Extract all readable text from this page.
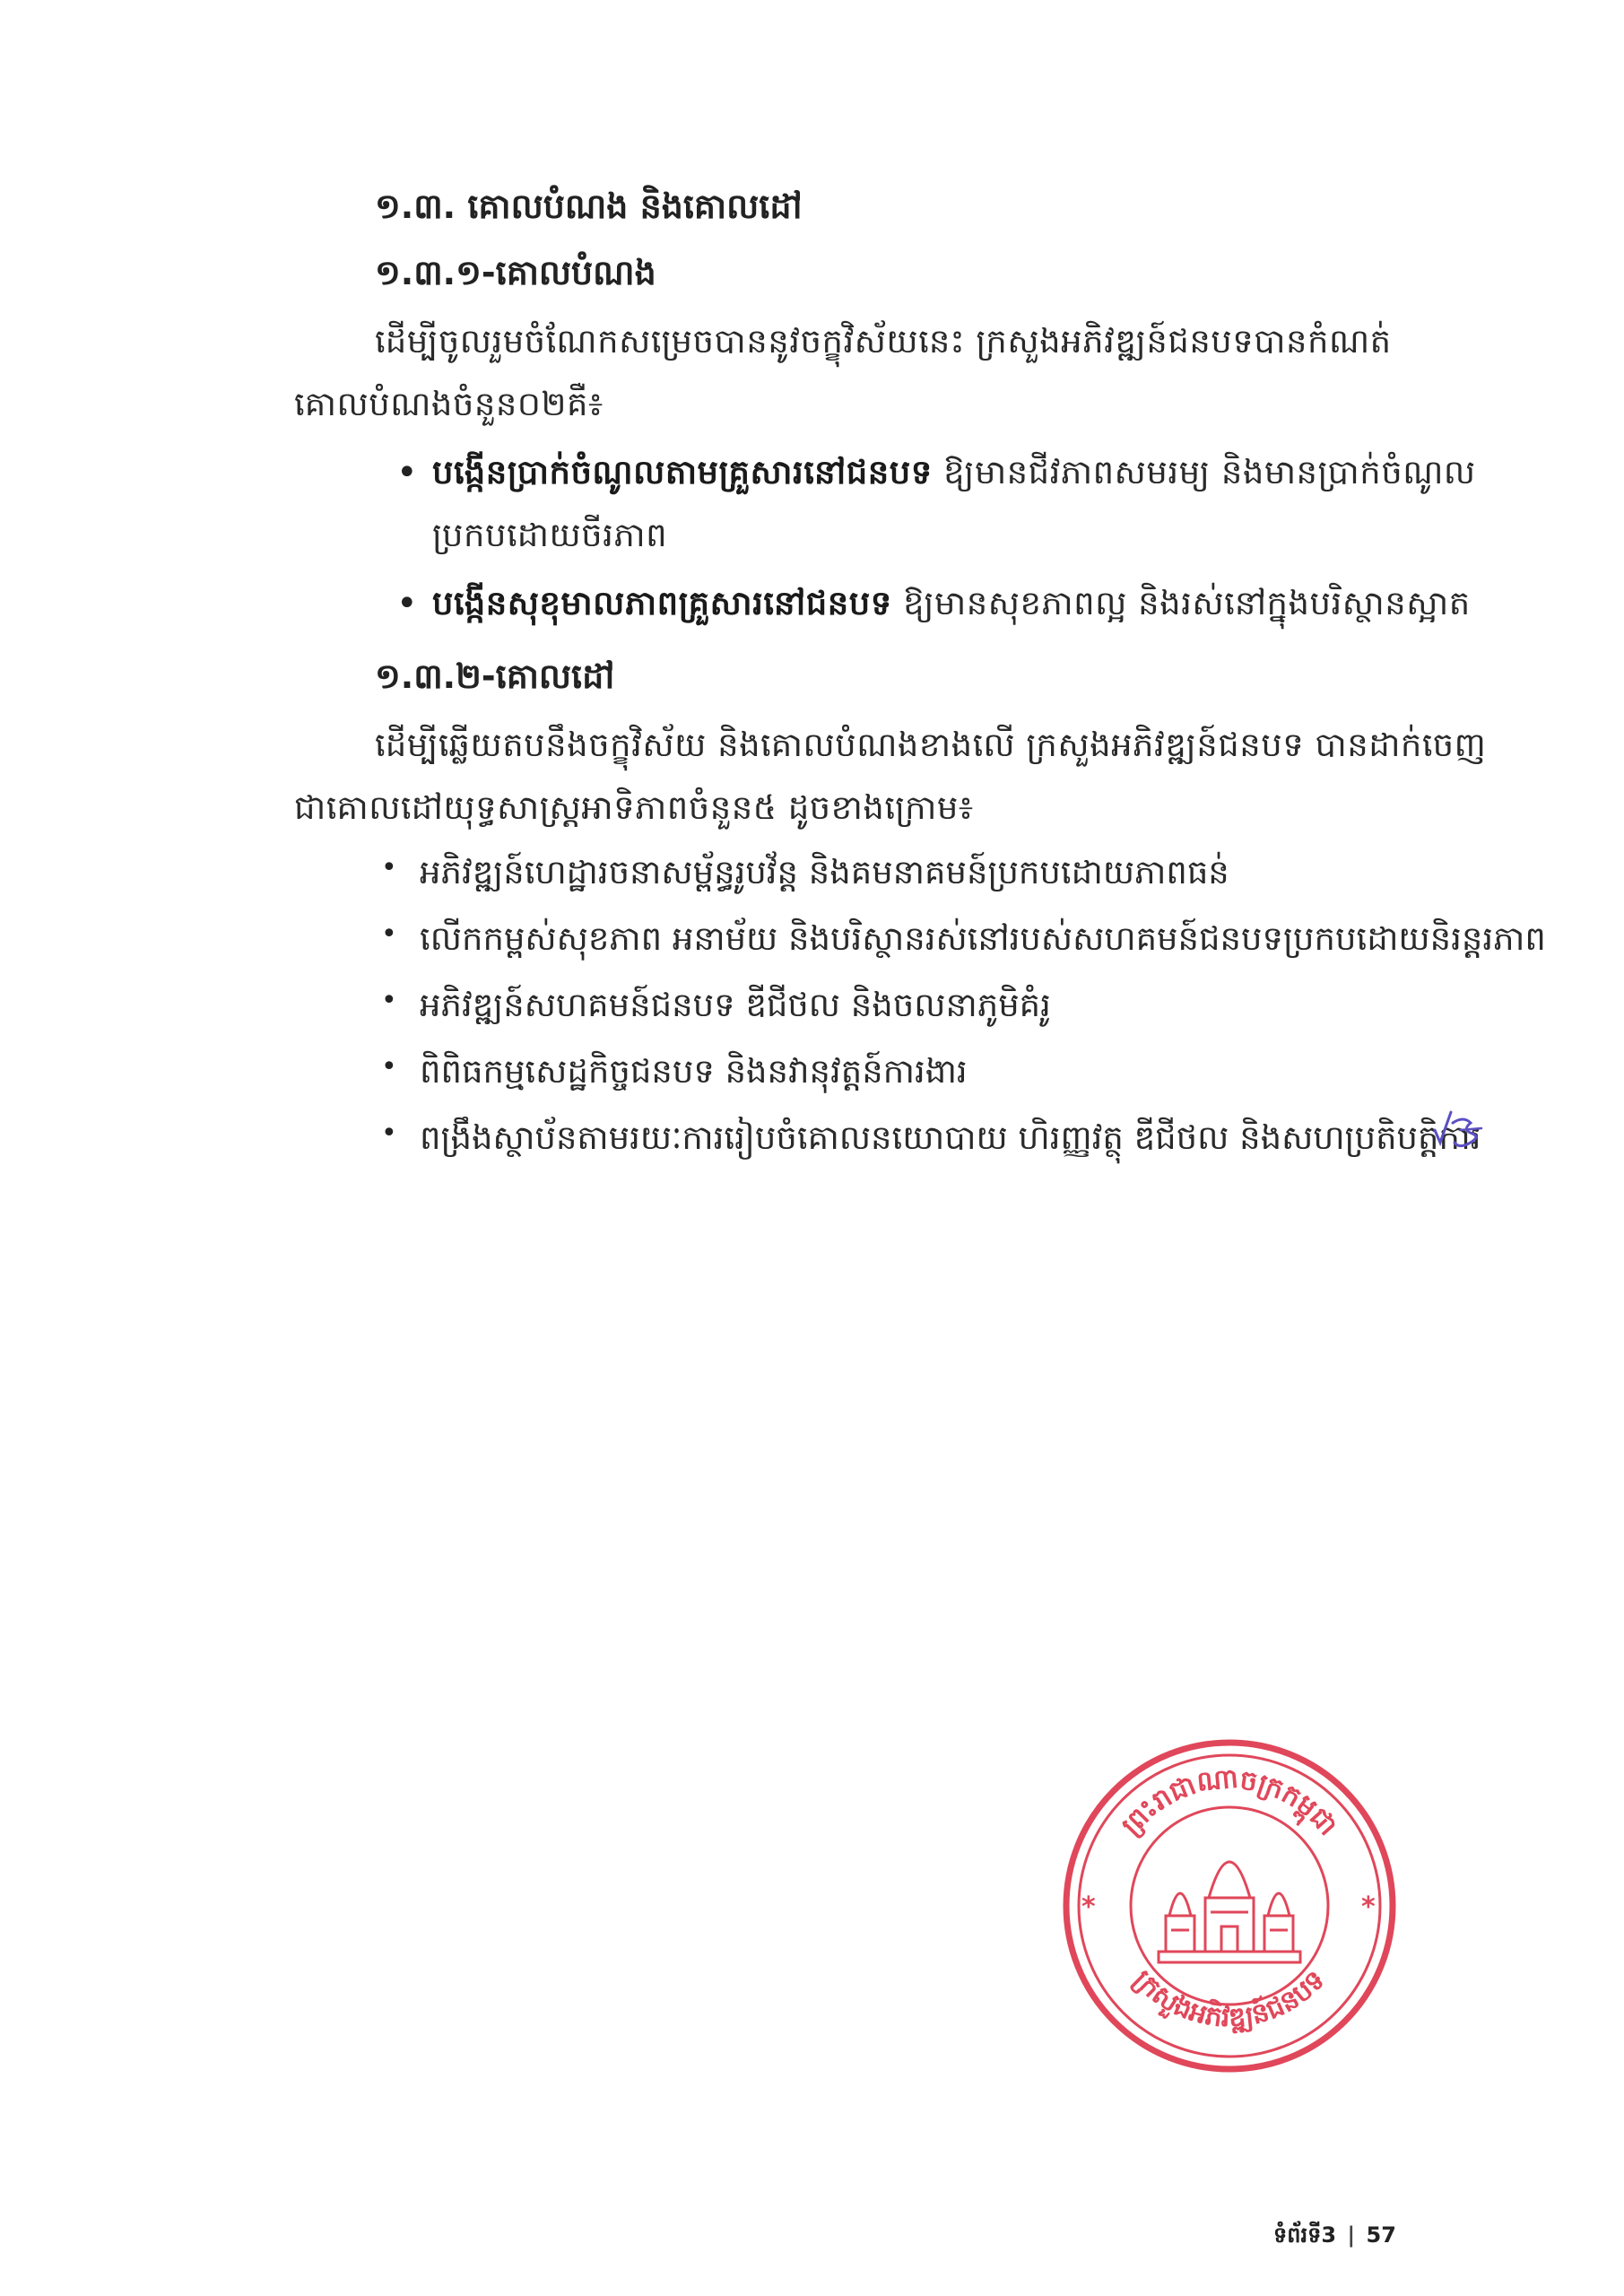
១.៣. គោលបំណង និងគោលដៅ
១.៣.១-គោលបំណង
ដើម្បីចូលរួមចំណែកសម្រេចបាននូវចក្ខុវិស័យនេះ ក្រសួងអភិវឌ្ឍន៍ជនបទបានកំណត់
គោលបំណងចំនួន០២គឺ៖
• បង្កើនប្រាក់ចំណូលតាមគ្រួសារនៅជនបទ ឱ្យមានជីវភាពសមរម្យ និងមានប្រាក់ចំណូល
ប្រកបដោយចីរភាព
• បង្កើនសុខុមាលភាពគ្រួសារនៅជនបទ ឱ្យមានសុខភាពល្អ និងរស់នៅក្នុងបរិស្ថានស្អាត
១.៣.២-គោលដៅ
ដើម្បីឆ្លើយតបនឹងចក្ខុវិស័យ និងគោលបំណងខាងលើ ក្រសួងអភិវឌ្ឍន៍ជនបទ បានដាក់ចេញ
ជាគោលដៅយុទ្ធសាស្ត្រអាទិភាពចំនួន៥ ដូចខាងក្រោម៖
• អភិវឌ្ឍន៍ហេដ្ឋារចនាសម្ព័ន្ធរូបវ័ន្ត និងគមនាគមន៍ប្រកបដោយភាពធន់
• លើកកម្ពស់សុខភាព អនាម័យ និងបរិស្ថានរស់នៅរបស់សហគមន៍ជនបទប្រកបដោយនិរន្តរភាព
• អភិវឌ្ឍន៍សហគមន៍ជនបទ ឌីជីថល និងចលនាភូមិគំរូ
• ពិពិធកម្មសេដ្ឋកិច្ចជនបទ និងនវានុវត្តន៍ការងារ
• ពង្រឹងស្ថាប័នតាមរយៈការរៀបចំគោលនយោបាយ ហិរញ្ញវត្ថុ ឌីជីថល និងសហប្រតិបត្តិការ
ព្រះរាជាណាចក្រកម្ពុជា
ក្រសួងអភិវឌ្ឍន៍ជនបទ
*	*
ទំព័រទី3 | 57
